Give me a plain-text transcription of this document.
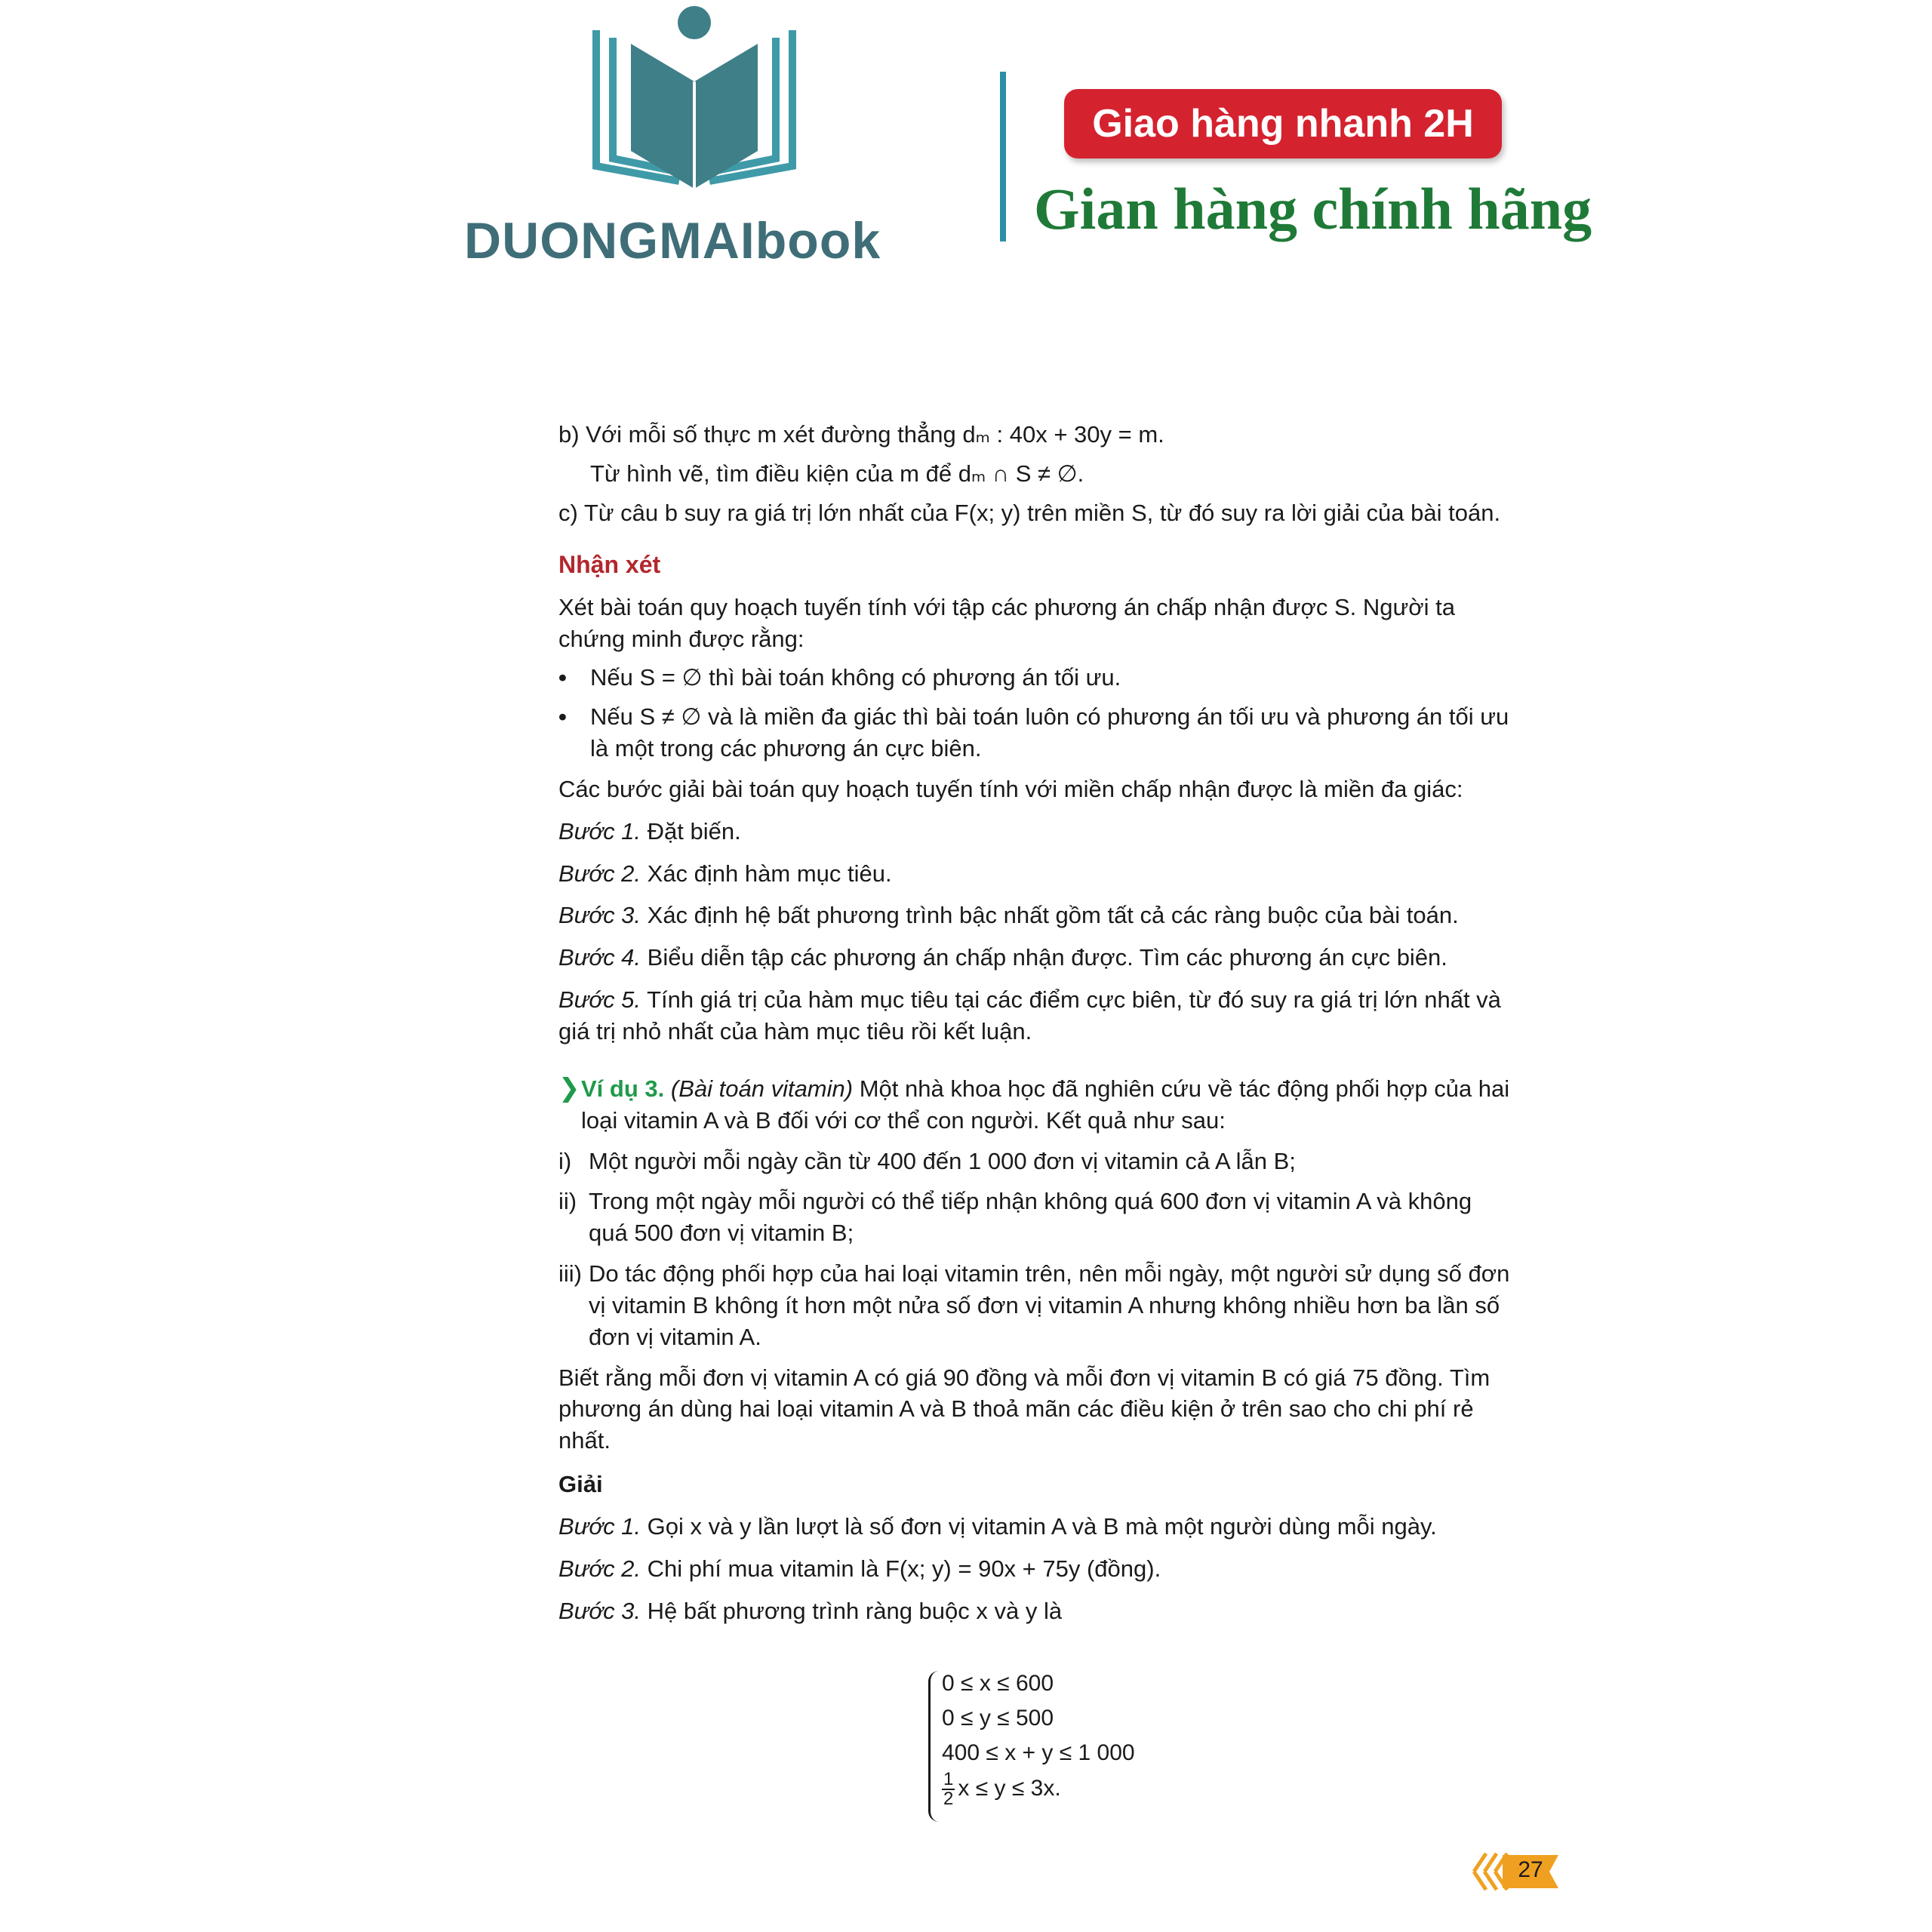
DUONGMAIbook
Giao hàng nhanh 2H
Gian hàng chính hãng

b) Với mỗi số thực m xét đường thẳng dₘ : 40x + 30y = m.

Từ hình vẽ, tìm điều kiện của m để dₘ ∩ S ≠ ∅.

c) Từ câu b suy ra giá trị lớn nhất của F(x; y) trên miền S, từ đó suy ra lời giải của bài toán.

Nhận xét

Xét bài toán quy hoạch tuyến tính với tập các phương án chấp nhận được S. Người ta chứng minh được rằng:

•	Nếu S = ∅ thì bài toán không có phương án tối ưu.
•	Nếu S ≠ ∅ và là miền đa giác thì bài toán luôn có phương án tối ưu và phương án tối ưu là một trong các phương án cực biên.

Các bước giải bài toán quy hoạch tuyến tính với miền chấp nhận được là miền đa giác:

Bước 1. Đặt biến.

Bước 2. Xác định hàm mục tiêu.

Bước 3. Xác định hệ bất phương trình bậc nhất gồm tất cả các ràng buộc của bài toán.

Bước 4. Biểu diễn tập các phương án chấp nhận được. Tìm các phương án cực biên.

Bước 5. Tính giá trị của hàm mục tiêu tại các điểm cực biên, từ đó suy ra giá trị lớn nhất và giá trị nhỏ nhất của hàm mục tiêu rồi kết luận.

❯ Ví dụ 3. (Bài toán vitamin) Một nhà khoa học đã nghiên cứu về tác động phối hợp của hai loại vitamin A và B đối với cơ thể con người. Kết quả như sau:

i) Một người mỗi ngày cần từ 400 đến 1 000 đơn vị vitamin cả A lẫn B;
ii) Trong một ngày mỗi người có thể tiếp nhận không quá 600 đơn vị vitamin A và không quá 500 đơn vị vitamin B;
iii) Do tác động phối hợp của hai loại vitamin trên, nên mỗi ngày, một người sử dụng số đơn vị vitamin B không ít hơn một nửa số đơn vị vitamin A nhưng không nhiều hơn ba lần số đơn vị vitamin A.

Biết rằng mỗi đơn vị vitamin A có giá 90 đồng và mỗi đơn vị vitamin B có giá 75 đồng. Tìm phương án dùng hai loại vitamin A và B thoả mãn các điều kiện ở trên sao cho chi phí rẻ nhất.

Giải

Bước 1. Gọi x và y lần lượt là số đơn vị vitamin A và B mà một người dùng mỗi ngày.

Bước 2. Chi phí mua vitamin là F(x; y) = 90x + 75y (đồng).

Bước 3. Hệ bất phương trình ràng buộc x và y là

0 ≤ x ≤ 600
0 ≤ y ≤ 500
400 ≤ x + y ≤ 1 000
$\frac{1}{2}$ x ≤ y ≤ 3x.
27
